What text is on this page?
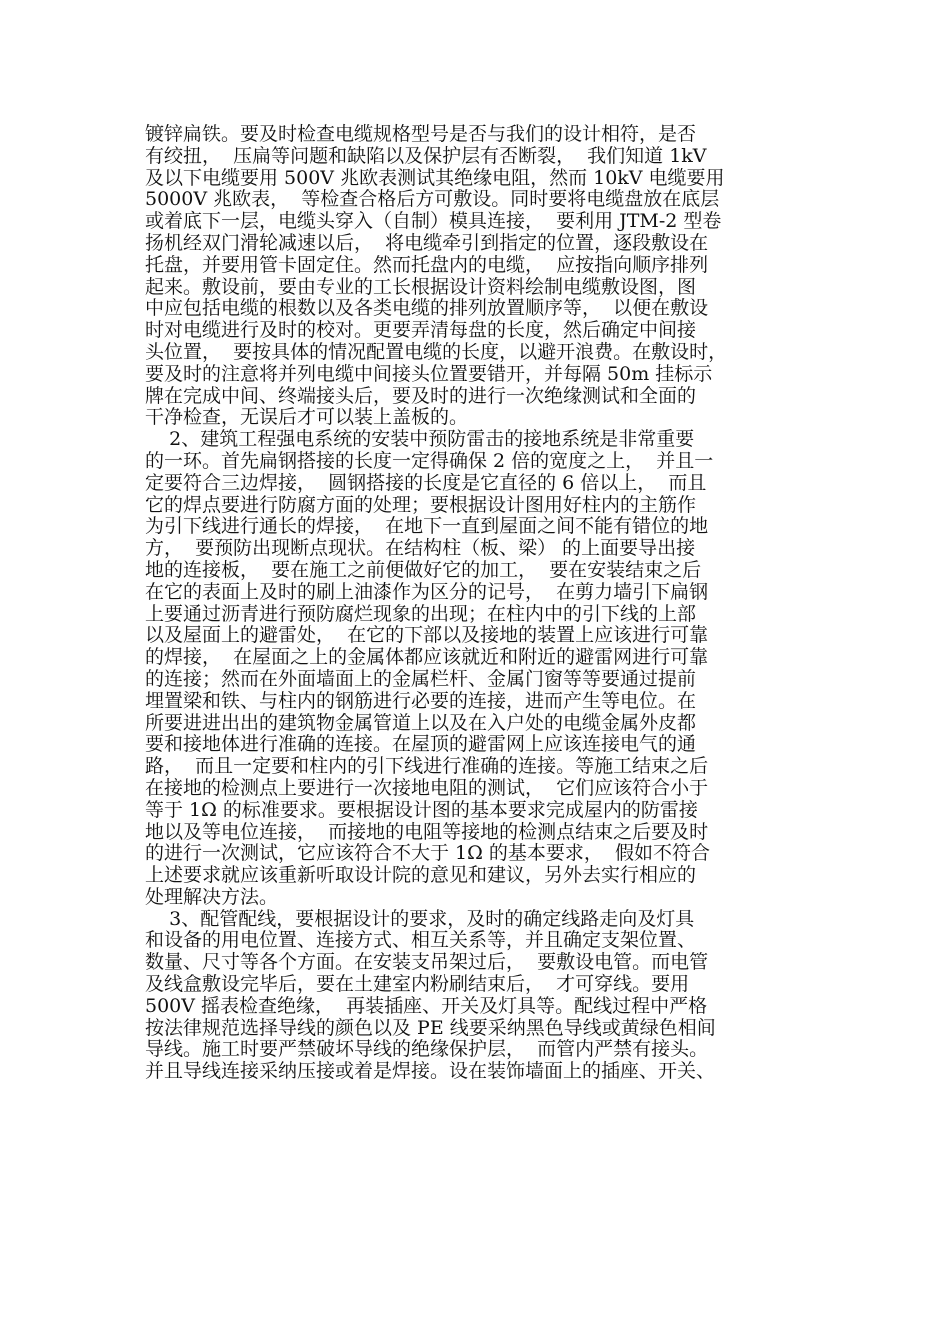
镀锌扁铁。要及时检查电缆规格型号是否与我们的设计相符，是否
有绞扭，  压扁等问题和缺陷以及保护层有否断裂，  我们知道 1kV
及以下电缆要用 500V 兆欧表测试其绝缘电阻，然而 10kV 电缆要用
5000V 兆欧表，  等检查合格后方可敷设。同时要将电缆盘放在底层
或着底下一层，电缆头穿入（自制）模具连接，  要利用 JTM-2 型卷
扬机经双门滑轮减速以后，  将电缆牵引到指定的位置，逐段敷设在
托盘，并要用管卡固定住。然而托盘内的电缆，  应按指向顺序排列
起来。敷设前，要由专业的工长根据设计资料绘制电缆敷设图，图
中应包括电缆的根数以及各类电缆的排列放置顺序等，  以便在敷设
时对电缆进行及时的校对。更要弄清每盘的长度，然后确定中间接
头位置，  要按具体的情况配置电缆的长度，以避开浪费。在敷设时，
要及时的注意将并列电缆中间接头位置要错开，并每隔 50m 挂标示
牌在完成中间、终端接头后，要及时的进行一次绝缘测试和全面的
干净检查，无误后才可以装上盖板的。
2、建筑工程强电系统的安装中预防雷击的接地系统是非常重要
的一环。首先扁钢搭接的长度一定得确保 2 倍的宽度之上，  并且一
定要符合三边焊接，  圆钢搭接的长度是它直径的 6 倍以上，  而且
它的焊点要进行防腐方面的处理；要根据设计图用好柱内的主筋作
为引下线进行通长的焊接，  在地下一直到屋面之间不能有错位的地
方，  要预防出现断点现状。在结构柱（板、梁） 的上面要导出接
地的连接板，  要在施工之前便做好它的加工，  要在安装结束之后
在它的表面上及时的刷上油漆作为区分的记号，  在剪力墙引下扁钢
上要通过沥青进行预防腐烂现象的出现；在柱内中的引下线的上部
以及屋面上的避雷处，  在它的下部以及接地的装置上应该进行可靠
的焊接，  在屋面之上的金属体都应该就近和附近的避雷网进行可靠
的连接；然而在外面墙面上的金属栏杆、金属门窗等等要通过提前
埋置梁和铁、与柱内的钢筋进行必要的连接，进而产生等电位。在
所要进进出出的建筑物金属管道上以及在入户处的电缆金属外皮都
要和接地体进行准确的连接。在屋顶的避雷网上应该连接电气的通
路，  而且一定要和柱内的引下线进行准确的连接。等施工结束之后
在接地的检测点上要进行一次接地电阻的测试，  它们应该符合小于
等于 1Ω 的标准要求。要根据设计图的基本要求完成屋内的防雷接
地以及等电位连接，  而接地的电阻等接地的检测点结束之后要及时
的进行一次测试，它应该符合不大于 1Ω 的基本要求，  假如不符合
上述要求就应该重新听取设计院的意见和建议，另外去实行相应的
处理解决方法。
3、配管配线，要根据设计的要求，及时的确定线路走向及灯具
和设备的用电位置、连接方式、相互关系等，并且确定支架位置、
数量、尺寸等各个方面。在安装支吊架过后，  要敷设电管。而电管
及线盒敷设完毕后，要在土建室内粉刷结束后，  才可穿线。要用
500V 摇表检查绝缘，  再装插座、开关及灯具等。配线过程中严格
按法律规范选择导线的颜色以及 PE 线要采纳黑色导线或黄绿色相间
导线。施工时要严禁破坏导线的绝缘保护层，  而管内严禁有接头。
并且导线连接采纳压接或着是焊接。设在装饰墙面上的插座、开关、
